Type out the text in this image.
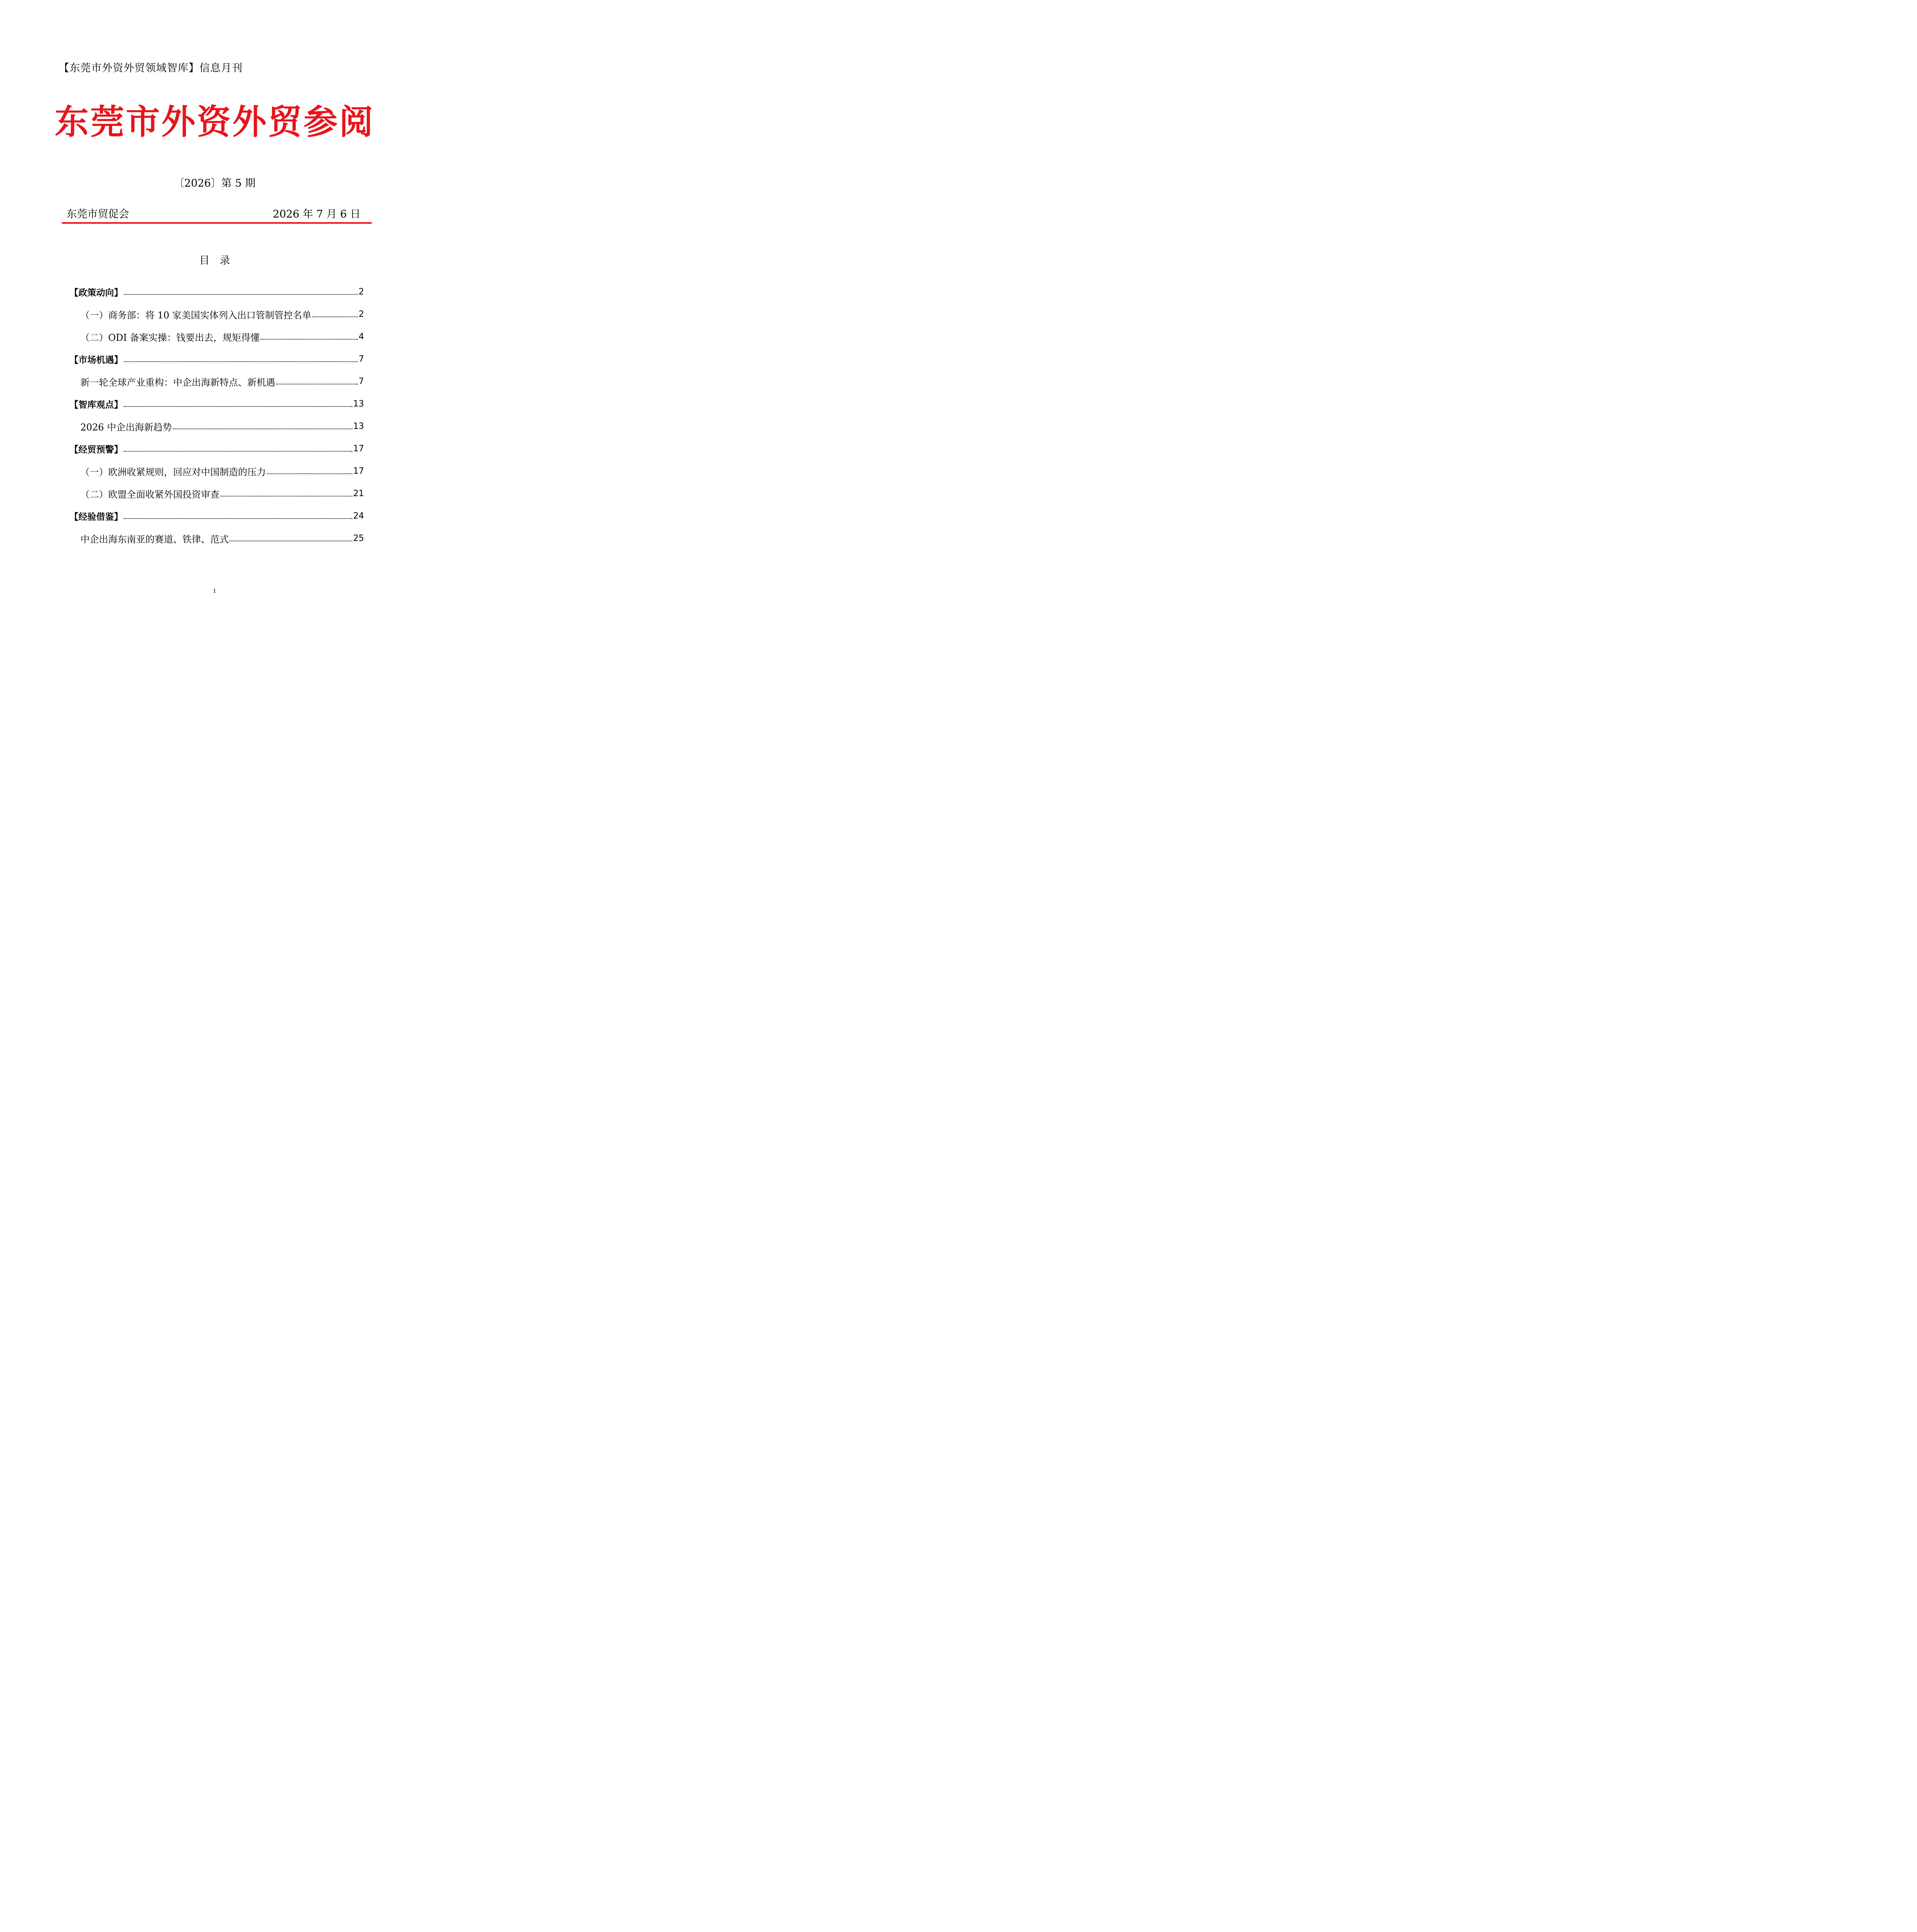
【东莞市外资外贸领域智库】信息月刊
东莞市外资外贸参阅
〔2026〕第 5 期
东莞市贸促会	2026 年 7 月 6 日
目录
【政策动向】	2
（一）商务部：将 10 家美国实体列入出口管制管控名单	2
（二）ODI 备案实操：钱要出去，规矩得懂	4
【市场机遇】	7
新一轮全球产业重构：中企出海新特点、新机遇	7
【智库观点】	13
2026 中企出海新趋势	13
【经贸预警】	17
（一）欧洲收紧规则，回应对中国制造的压力	17
（二）欧盟全面收紧外国投资审查	21
【经验借鉴】	24
中企出海东南亚的赛道、铁律、范式	25
1
